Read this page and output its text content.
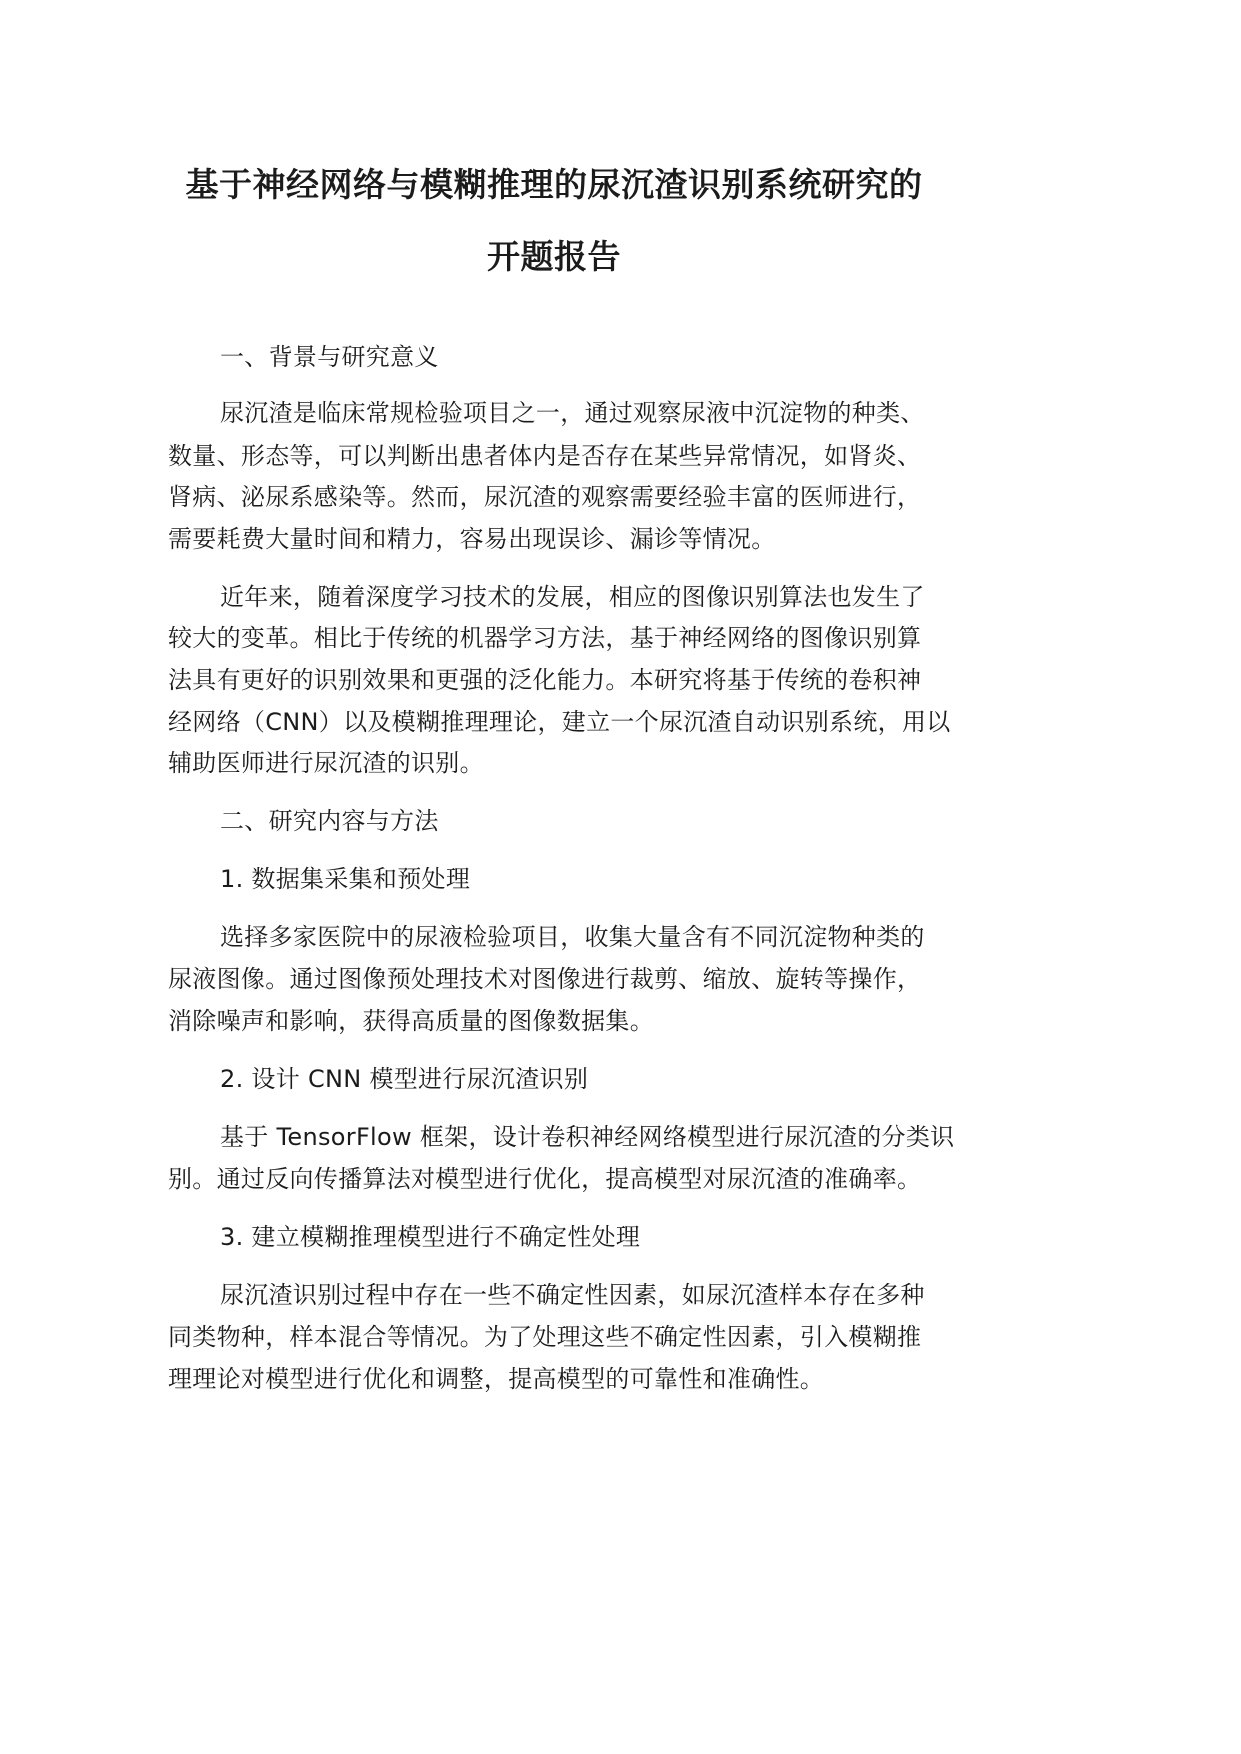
基于神经网络与模糊推理的尿沉渣识别系统研究的
开题报告
一、背景与研究意义
尿沉渣是临床常规检验项目之一，通过观察尿液中沉淀物的种类、
数量、形态等，可以判断出患者体内是否存在某些异常情况，如肾炎、
肾病、泌尿系感染等。然而，尿沉渣的观察需要经验丰富的医师进行，
需要耗费大量时间和精力，容易出现误诊、漏诊等情况。
近年来，随着深度学习技术的发展，相应的图像识别算法也发生了
较大的变革。相比于传统的机器学习方法，基于神经网络的图像识别算
法具有更好的识别效果和更强的泛化能力。本研究将基于传统的卷积神
经网络（CNN）以及模糊推理理论，建立一个尿沉渣自动识别系统，用以
辅助医师进行尿沉渣的识别。
二、研究内容与方法
1. 数据集采集和预处理
选择多家医院中的尿液检验项目，收集大量含有不同沉淀物种类的
尿液图像。通过图像预处理技术对图像进行裁剪、缩放、旋转等操作，
消除噪声和影响，获得高质量的图像数据集。
2. 设计 CNN 模型进行尿沉渣识别
基于 TensorFlow 框架，设计卷积神经网络模型进行尿沉渣的分类识
别。通过反向传播算法对模型进行优化，提高模型对尿沉渣的准确率。
3. 建立模糊推理模型进行不确定性处理
尿沉渣识别过程中存在一些不确定性因素，如尿沉渣样本存在多种
同类物种，样本混合等情况。为了处理这些不确定性因素，引入模糊推
理理论对模型进行优化和调整，提高模型的可靠性和准确性。
